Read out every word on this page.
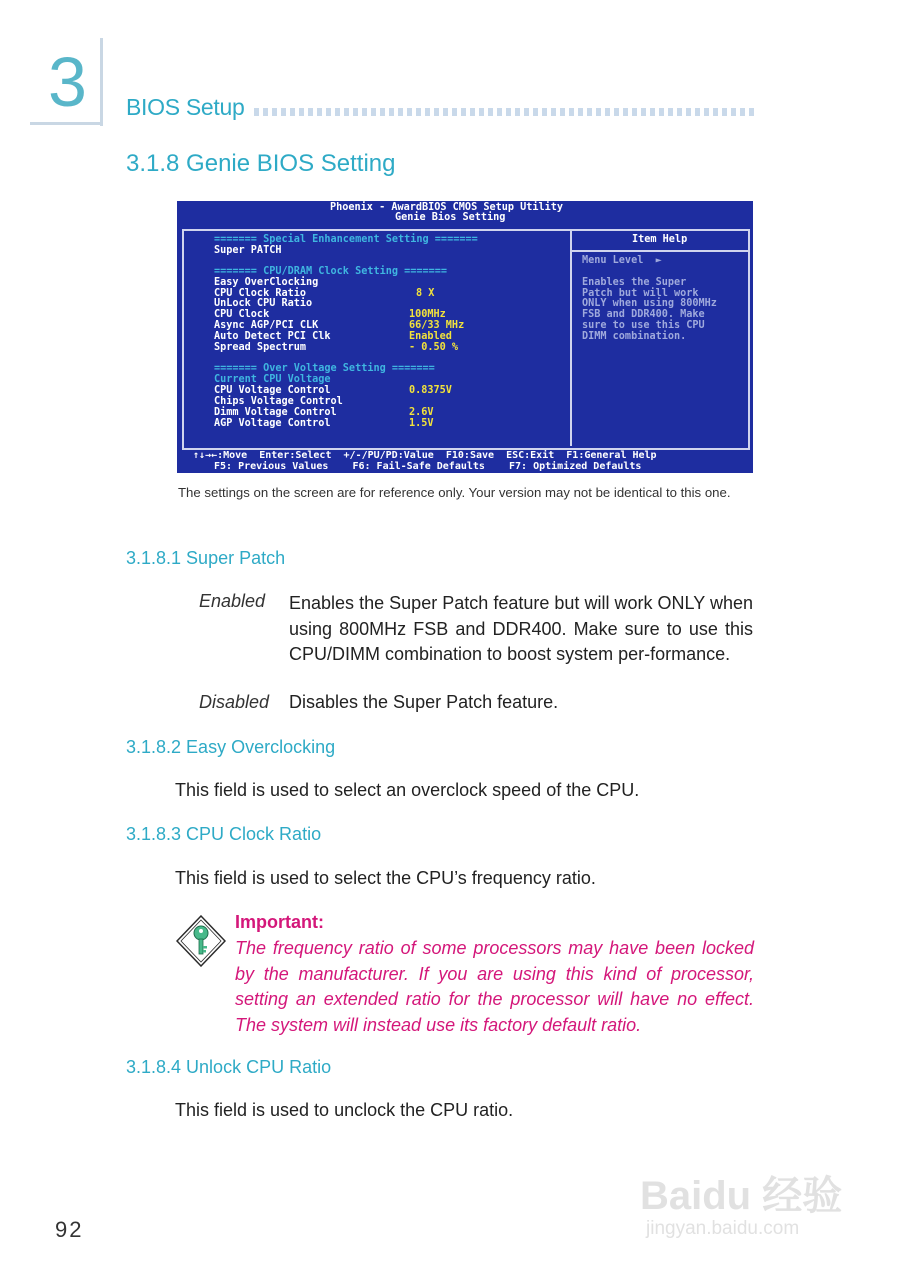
3 BIOS Setup
3.1.8 Genie BIOS Setting
Phoenix - AwardBIOS CMOS Setup Utility
Genie Bios Setting
Item Help
======= Special Enhancement Setting =======
Super PATCH
======= CPU/DRAM Clock Setting =======
Easy OverClocking
CPU Clock Ratio	8 X
UnLock CPU Ratio
CPU Clock	100MHz
Async AGP/PCI CLK	66/33 MHz
Auto Detect PCI Clk	Enabled
Spread Spectrum	- 0.50 %
======= Over Voltage Setting =======
Current CPU Voltage
CPU Voltage Control	0.8375V
Chips Voltage Control
Dimm Voltage Control	2.6V
AGP Voltage Control	1.5V
Menu Level  ►
Enables the Super
Patch but will work
ONLY when using 800MHz
FSB and DDR400. Make
sure to use this CPU
DIMM combination.
↑↓→←:Move  Enter:Select  +/-/PU/PD:Value  F10:Save  ESC:Exit  F1:General Help
F5: Previous Values    F6: Fail-Safe Defaults    F7: Optimized Defaults
The settings on the screen are for reference only. Your version may not be identical to this one.
3.1.8.1 Super Patch
Enabled Enables the Super Patch feature but will work ONLY when using 800MHz FSB and DDR400. Make sure to use this CPU/DIMM combination to boost system per-formance.
Disabled Disables the Super Patch feature.
3.1.8.2 Easy Overclocking
This field is used to select an overclock speed of the CPU.
3.1.8.3 CPU Clock Ratio
This field is used to select the CPU’s frequency ratio.
Important:
The frequency ratio of some processors may have been locked by the manufacturer. If you are using this kind of processor, setting an extended ratio for the processor will have no effect. The system will instead use its factory default ratio.
3.1.8.4 Unlock CPU Ratio
This field is used to unclock the CPU ratio.
92
Baidu 经验
jingyan.baidu.com
